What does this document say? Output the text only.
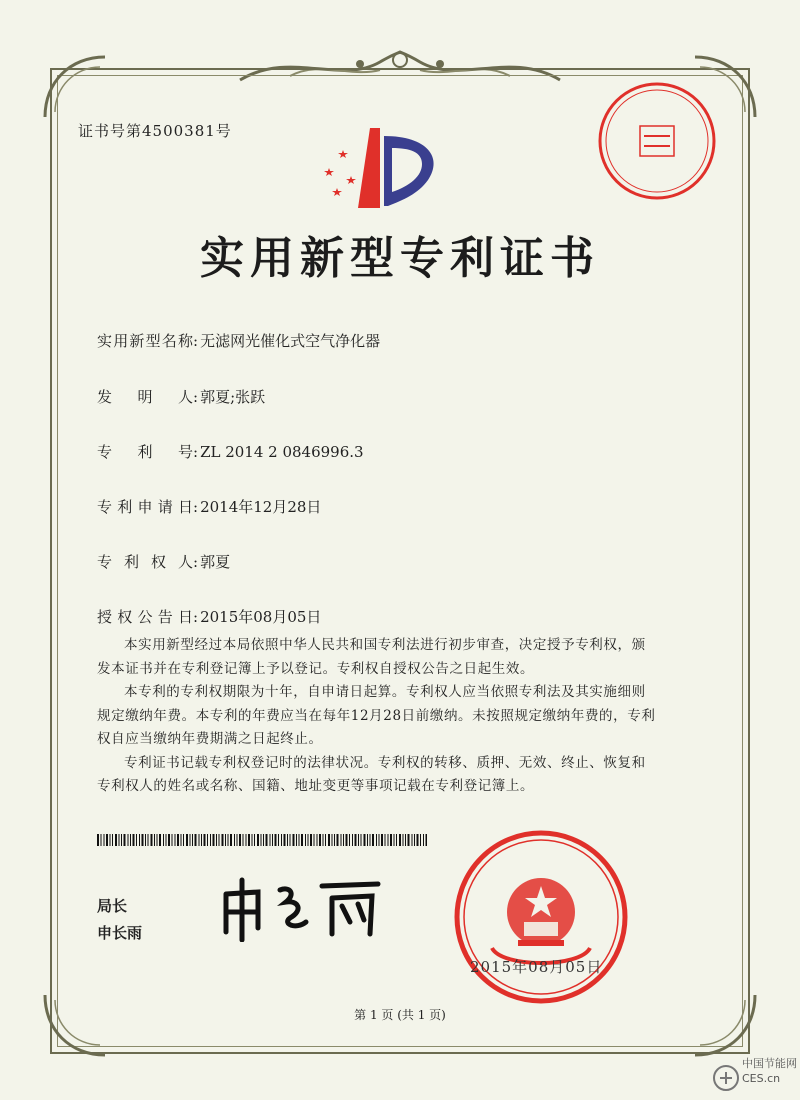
证书号第4500381号
实用新型专利证书
实用新型名称: 无滤网光催化式空气净化器
发明人: 郭夏;张跃
专利号: ZL 2014 2 0846996.3
专利申请日: 2014年12月28日
专利权人: 郭夏
授权公告日: 2015年08月05日

本实用新型经过本局依照中华人民共和国专利法进行初步审查，决定授予专利权，颁发本证书并在专利登记簿上予以登记。专利权自授权公告之日起生效。

本专利的专利权期限为十年，自申请日起算。专利权人应当依照专利法及其实施细则规定缴纳年费。本专利的年费应当在每年12月28日前缴纳。未按照规定缴纳年费的，专利权自应当缴纳年费期满之日起终止。

专利证书记载专利权登记时的法律状况。专利权的转移、质押、无效、终止、恢复和专利权人的姓名或名称、国籍、地址变更等事项记载在专利登记簿上。

局长
申长雨
2015年08月05日
第 1 页 (共 1 页)
中国节能网
CES.cn
